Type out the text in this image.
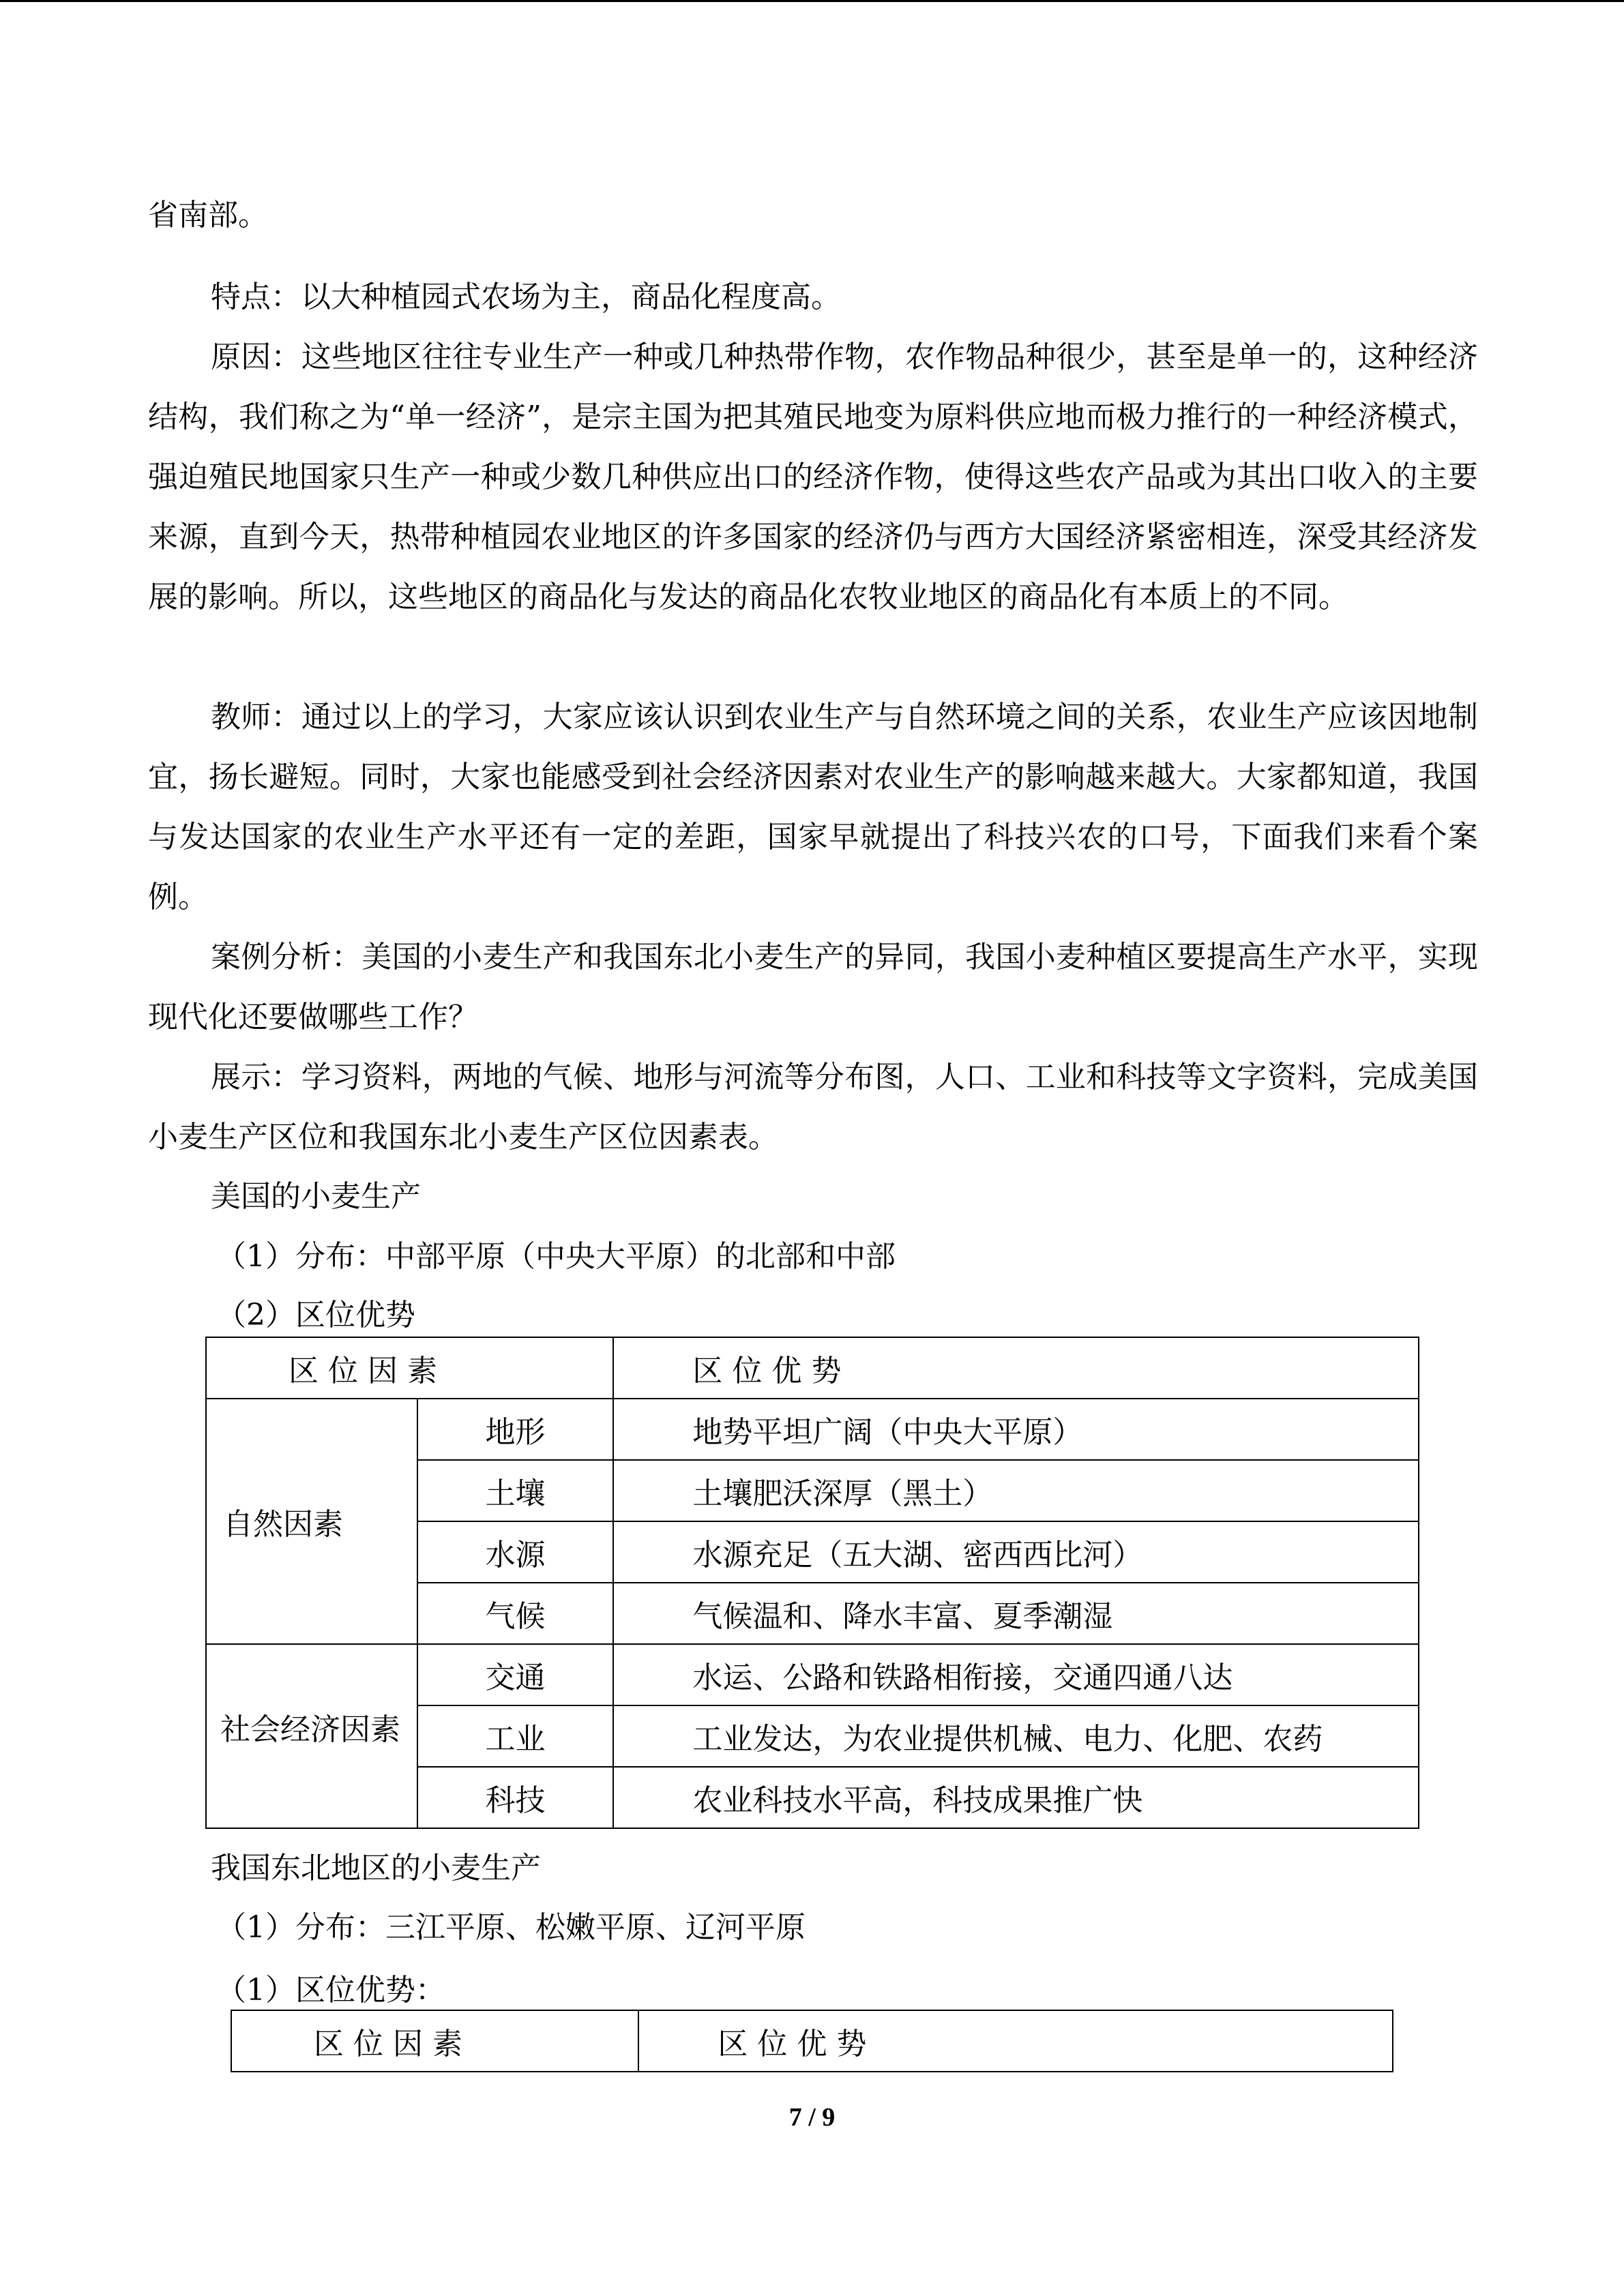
省南部。

特点：以大种植园式农场为主，商品化程度高。

原因：这些地区往往专业生产一种或几种热带作物，农作物品种很少，甚至是单一的，这种经济结构，我们称之为“单一经济”，是宗主国为把其殖民地变为原料供应地而极力推行的一种经济模式，强迫殖民地国家只生产一种或少数几种供应出口的经济作物，使得这些农产品或为其出口收入的主要来源，直到今天，热带种植园农业地区的许多国家的经济仍与西方大国经济紧密相连，深受其经济发展的影响。所以，这些地区的商品化与发达的商品化农牧业地区的商品化有本质上的不同。

教师：通过以上的学习，大家应该认识到农业生产与自然环境之间的关系，农业生产应该因地制宜，扬长避短。同时，大家也能感受到社会经济因素对农业生产的影响越来越大。大家都知道，我国与发达国家的农业生产水平还有一定的差距，国家早就提出了科技兴农的口号，下面我们来看个案例。

案例分析：美国的小麦生产和我国东北小麦生产的异同，我国小麦种植区要提高生产水平，实现现代化还要做哪些工作？

展示：学习资料，两地的气候、地形与河流等分布图，人口、工业和科技等文字资料，完成美国小麦生产区位和我国东北小麦生产区位因素表。

美国的小麦生产
（1）分布：中部平原（中央大平原）的北部和中部
（2）区位优势
区 位 因 素		区 位 优 势
自然因素	地形	地势平坦广阔（中央大平原）
	土壤	土壤肥沃深厚（黑土）
	水源	水源充足（五大湖、密西西比河）
	气候	气候温和、降水丰富、夏季潮湿
社会经济因素	交通	水运、公路和铁路相衔接，交通四通八达
	工业	工业发达，为农业提供机械、电力、化肥、农药
	科技	农业科技水平高，科技成果推广快
我国东北地区的小麦生产
（1）分布：三江平原、松嫩平原、辽河平原
（1）区位优势：
区 位 因 素	区 位 优 势
7 / 9
